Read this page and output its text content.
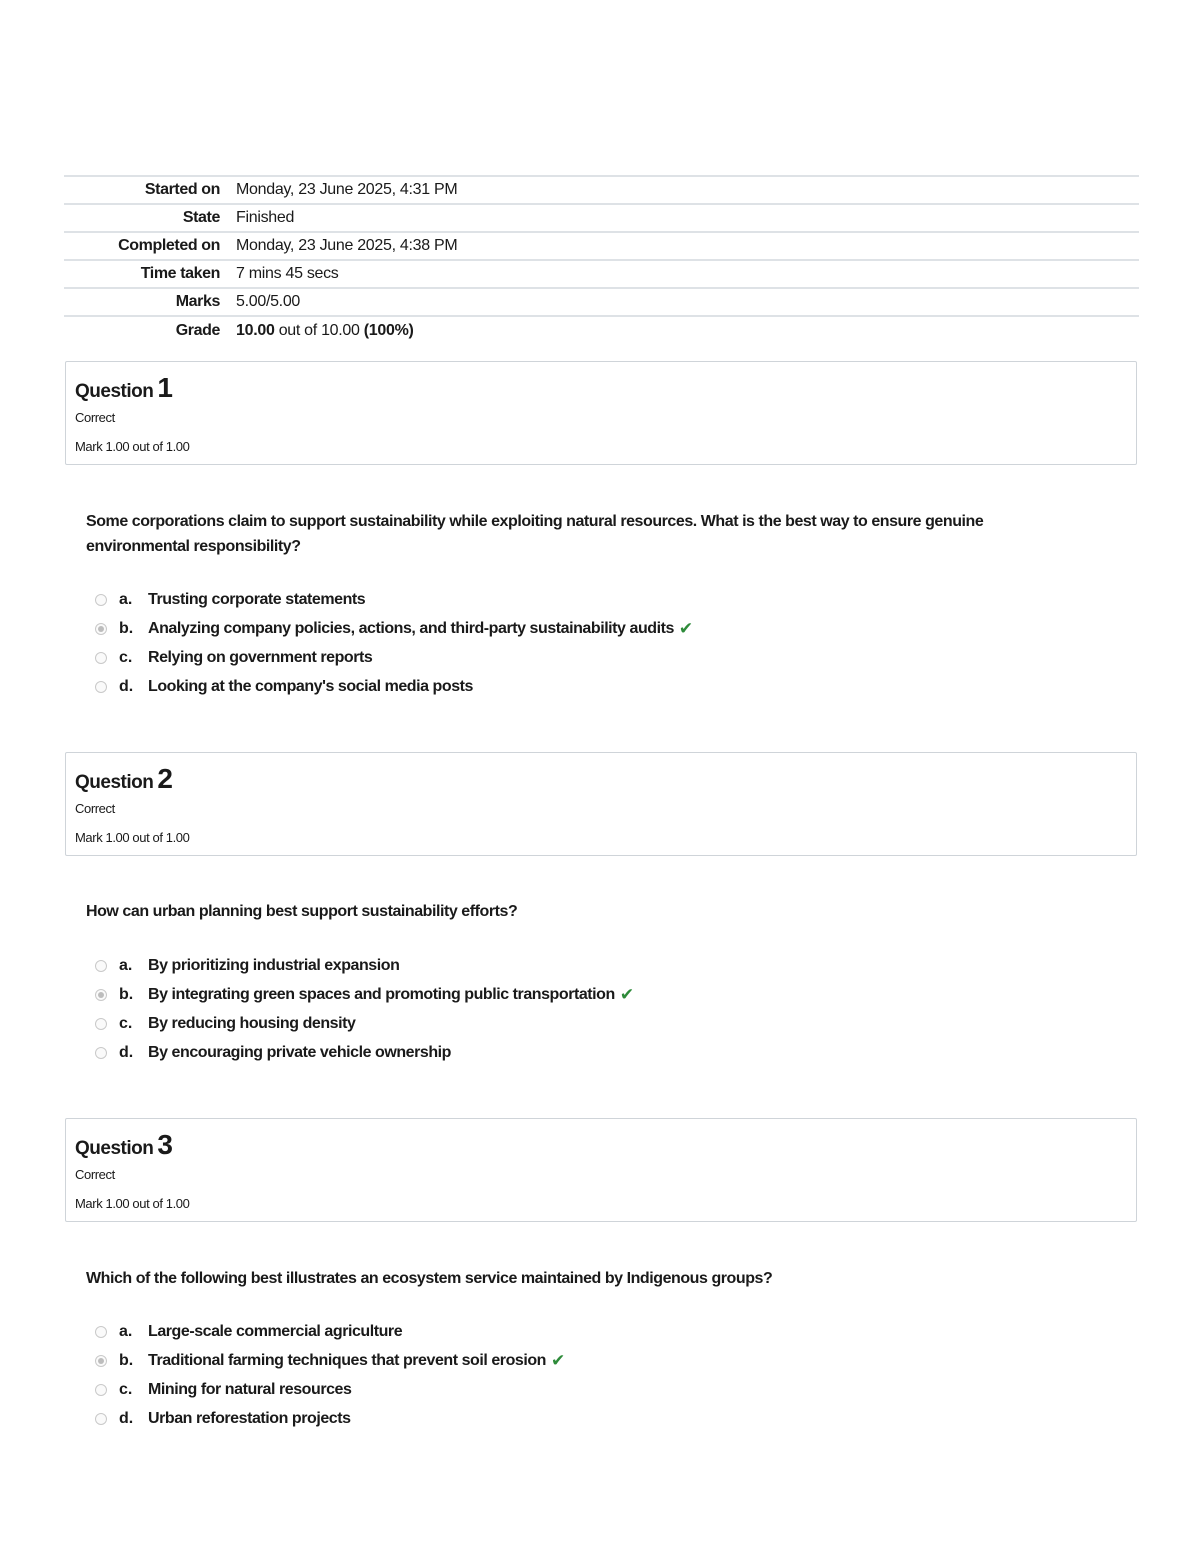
Started on	Monday, 23 June 2025, 4:31 PM
State	Finished
Completed on	Monday, 23 June 2025, 4:38 PM
Time taken	7 mins 45 secs
Marks	5.00/5.00
Grade	10.00 out of 10.00 (100%)
Question 1
Correct
Mark 1.00 out of 1.00
Some corporations claim to support sustainability while exploiting natural resources. What is the best way to ensure genuine environmental responsibility?
a. Trusting corporate statements
b. Analyzing company policies, actions, and third-party sustainability audits ✔
c. Relying on government reports
d. Looking at the company's social media posts
Question 2
Correct
Mark 1.00 out of 1.00
How can urban planning best support sustainability efforts?
a. By prioritizing industrial expansion
b. By integrating green spaces and promoting public transportation ✔
c. By reducing housing density
d. By encouraging private vehicle ownership
Question 3
Correct
Mark 1.00 out of 1.00
Which of the following best illustrates an ecosystem service maintained by Indigenous groups?
a. Large-scale commercial agriculture
b. Traditional farming techniques that prevent soil erosion ✔
c. Mining for natural resources
d. Urban reforestation projects
